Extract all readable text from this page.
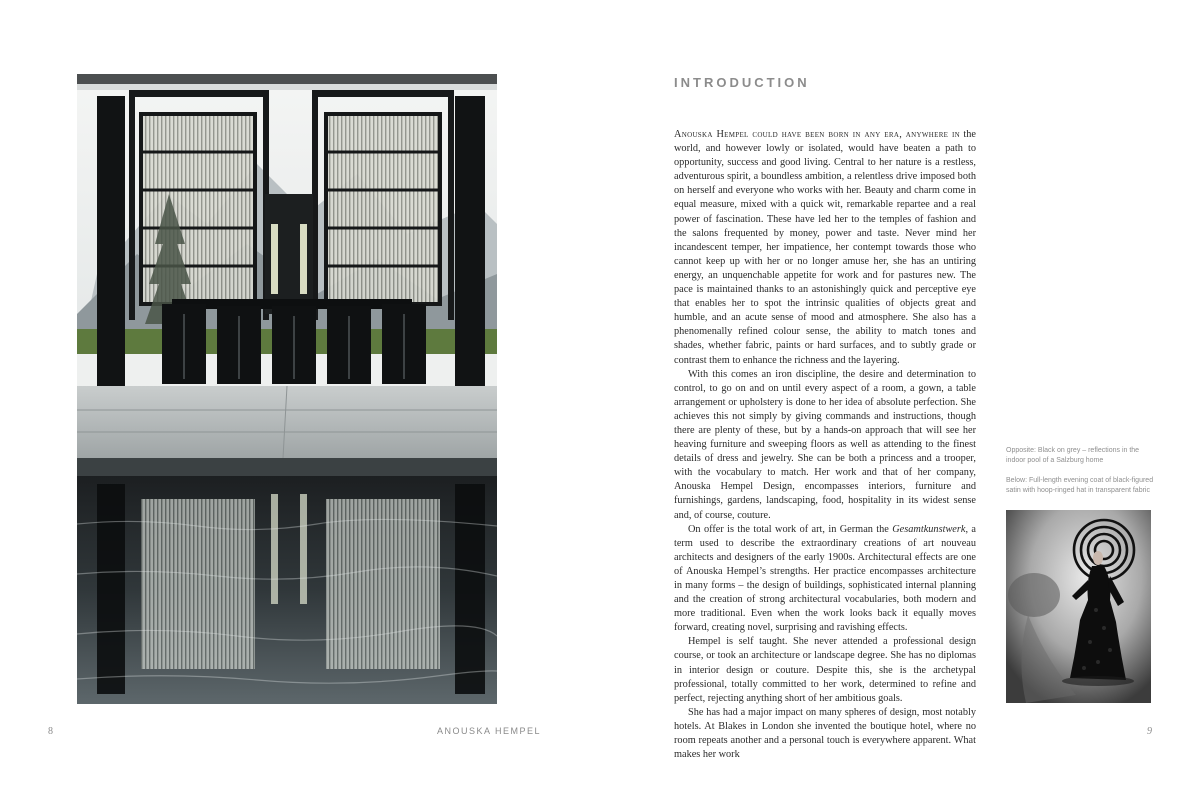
8	ANOUSKA HEMPEL
INTRODUCTION

Anouska Hempel could have been born in any era, anywhere in the world, and however lowly or isolated, would have beaten a path to opportunity, success and good living. Central to her nature is a restless, adventurous spirit, a boundless ambition, a relentless drive imposed both on herself and everyone who works with her. Beauty and charm come in equal measure, mixed with a quick wit, remarkable repartee and a real power of fascination. These have led her to the temples of fashion and the salons frequented by money, power and taste. Never mind her incandescent temper, her impatience, her contempt towards those who cannot keep up with her or no longer amuse her, she has an untiring energy, an unquenchable appetite for work and for pastures new. The pace is maintained thanks to an astonishingly quick and perceptive eye that enables her to spot the intrinsic qualities of objects great and humble, and an acute sense of mood and atmosphere. She also has a phenomenally refined colour sense, the ability to match tones and shades, whether fabric, paints or hard surfaces, and to subtly grade or contrast them to enhance the richness and the layering.

With this comes an iron discipline, the desire and determination to control, to go on and on until every aspect of a room, a gown, a table arrangement or upholstery is done to her idea of absolute perfection. She achieves this not simply by giving commands and instructions, though there are plenty of these, but by a hands-on approach that will see her heaving furniture and sweeping floors as well as attending to the finest details of dress and jewelry. She can be both a princess and a trooper, with the vocabulary to match. Her work and that of her company, Anouska Hempel Design, encompasses interiors, furniture and furnishings, gardens, landscaping, food, hospitality in its widest sense and, of course, couture.

On offer is the total work of art, in German the Gesamtkunstwerk, a term used to describe the extraordinary creations of art nouveau architects and designers of the early 1900s. Architectural effects are one of Anouska Hempel’s strengths. Her practice encompasses architecture in many forms – the design of buildings, sophisticated internal planning and the creation of strong architectural vocabularies, both modern and more traditional. Even when the work looks back it equally moves forward, creating novel, surprising and ravishing effects.

Hempel is self taught. She never attended a professional design course, or took an architecture or landscape degree. She has no diplomas in interior design or couture. Despite this, she is the archetypal professional, totally committed to her work, determined to refine and perfect, rejecting anything short of her ambitious goals.

She has had a major impact on many spheres of design, most notably hotels. At Blakes in London she invented the boutique hotel, where no room repeats another and a personal touch is everywhere apparent. What makes her work

Opposite: Black on grey – reflections in the indoor pool of a Salzburg home

Below: Full-length evening coat of black-figured satin with hoop-ringed hat in transparent fabric

9
